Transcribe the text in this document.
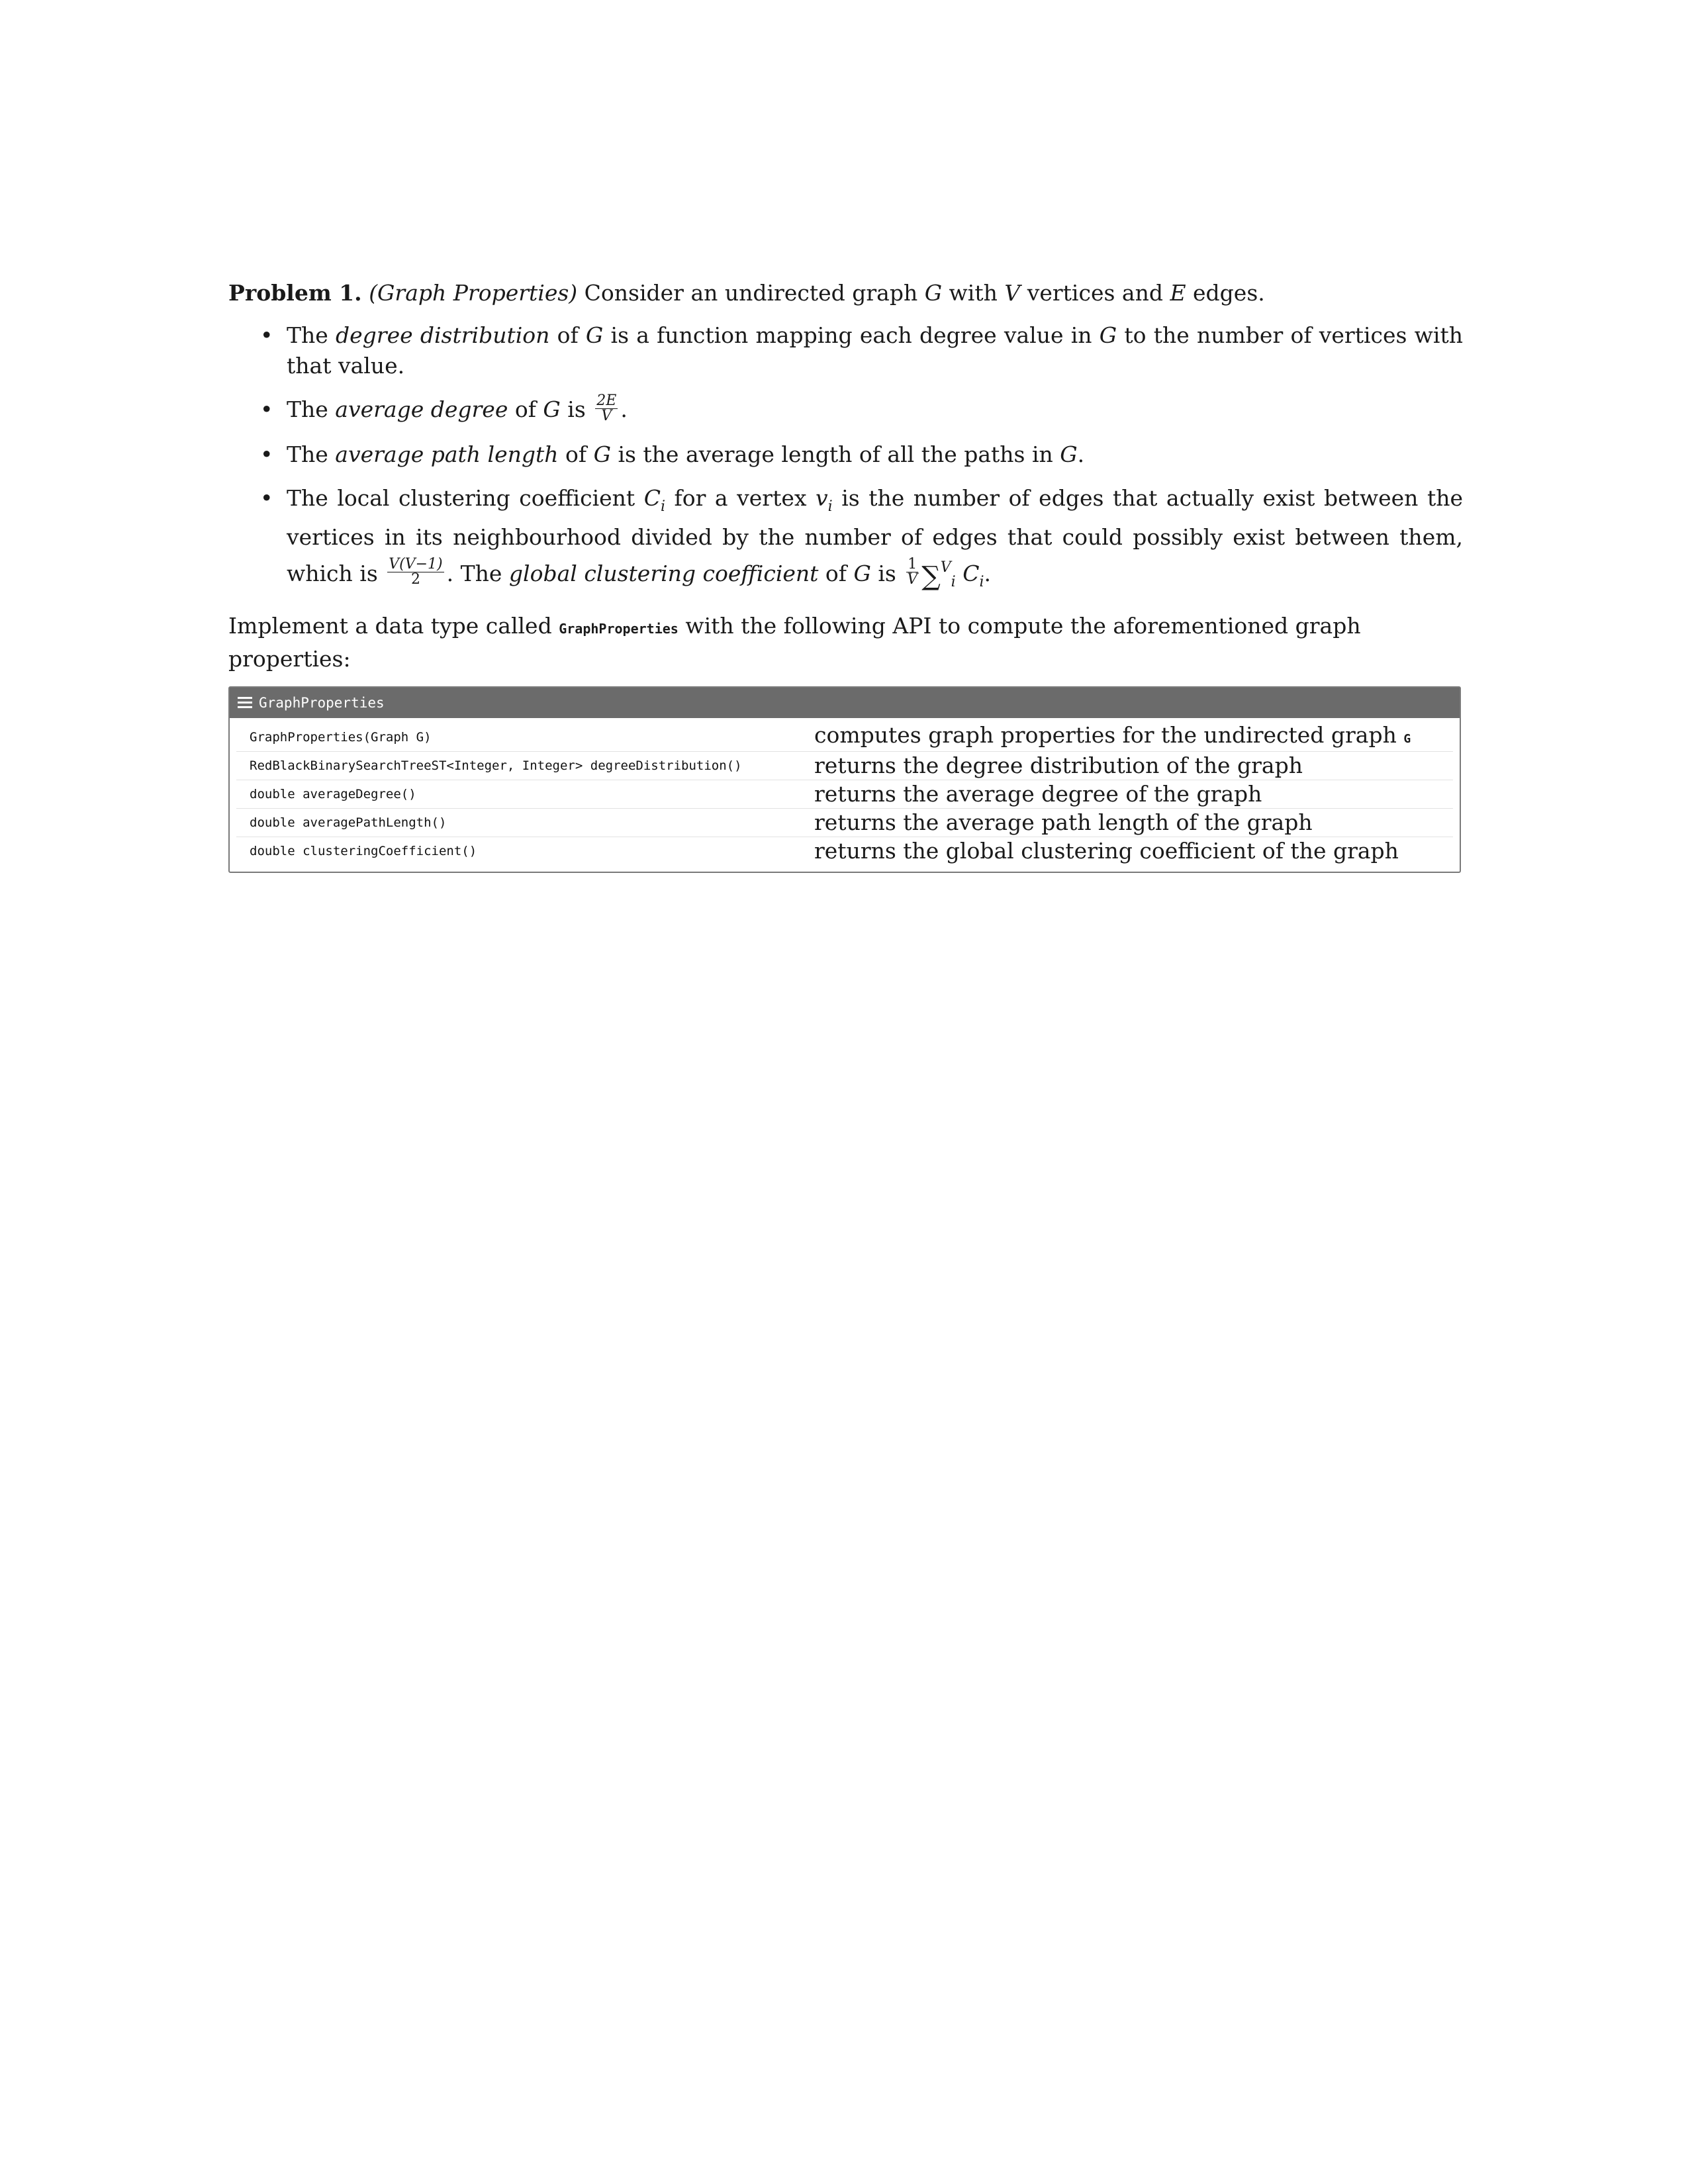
Problem 1. (Graph Properties) Consider an undirected graph G with V vertices and E edges.

• The degree distribution of G is a function mapping each degree value in G to the number of vertices with that value.
• The average degree of G is $\frac{2E}{V}$ .
• The average path length of G is the average length of all the paths in G.
• The local clustering coefficient $C_i$ for a vertex $v_i$ is the number of edges that actually exist between the vertices in its neighbourhood divided by the number of edges that could possibly exist between them, which is $\frac{V(V-1)}{2}$ . The global clustering coefficient of G is $\frac{1}{V} \sum^V_i$ $C_i$.

Implement a data type called GraphProperties with the following API to compute the aforementioned graph properties:

GraphProperties
GraphProperties(Graph G)	computes graph properties for the undirected graph G
RedBlackBinarySearchTreeST<Integer, Integer> degreeDistribution()	returns the degree distribution of the graph
double averageDegree()	returns the average degree of the graph
double averagePathLength()	returns the average path length of the graph
double clusteringCoefficient()	returns the global clustering coefficient of the graph
